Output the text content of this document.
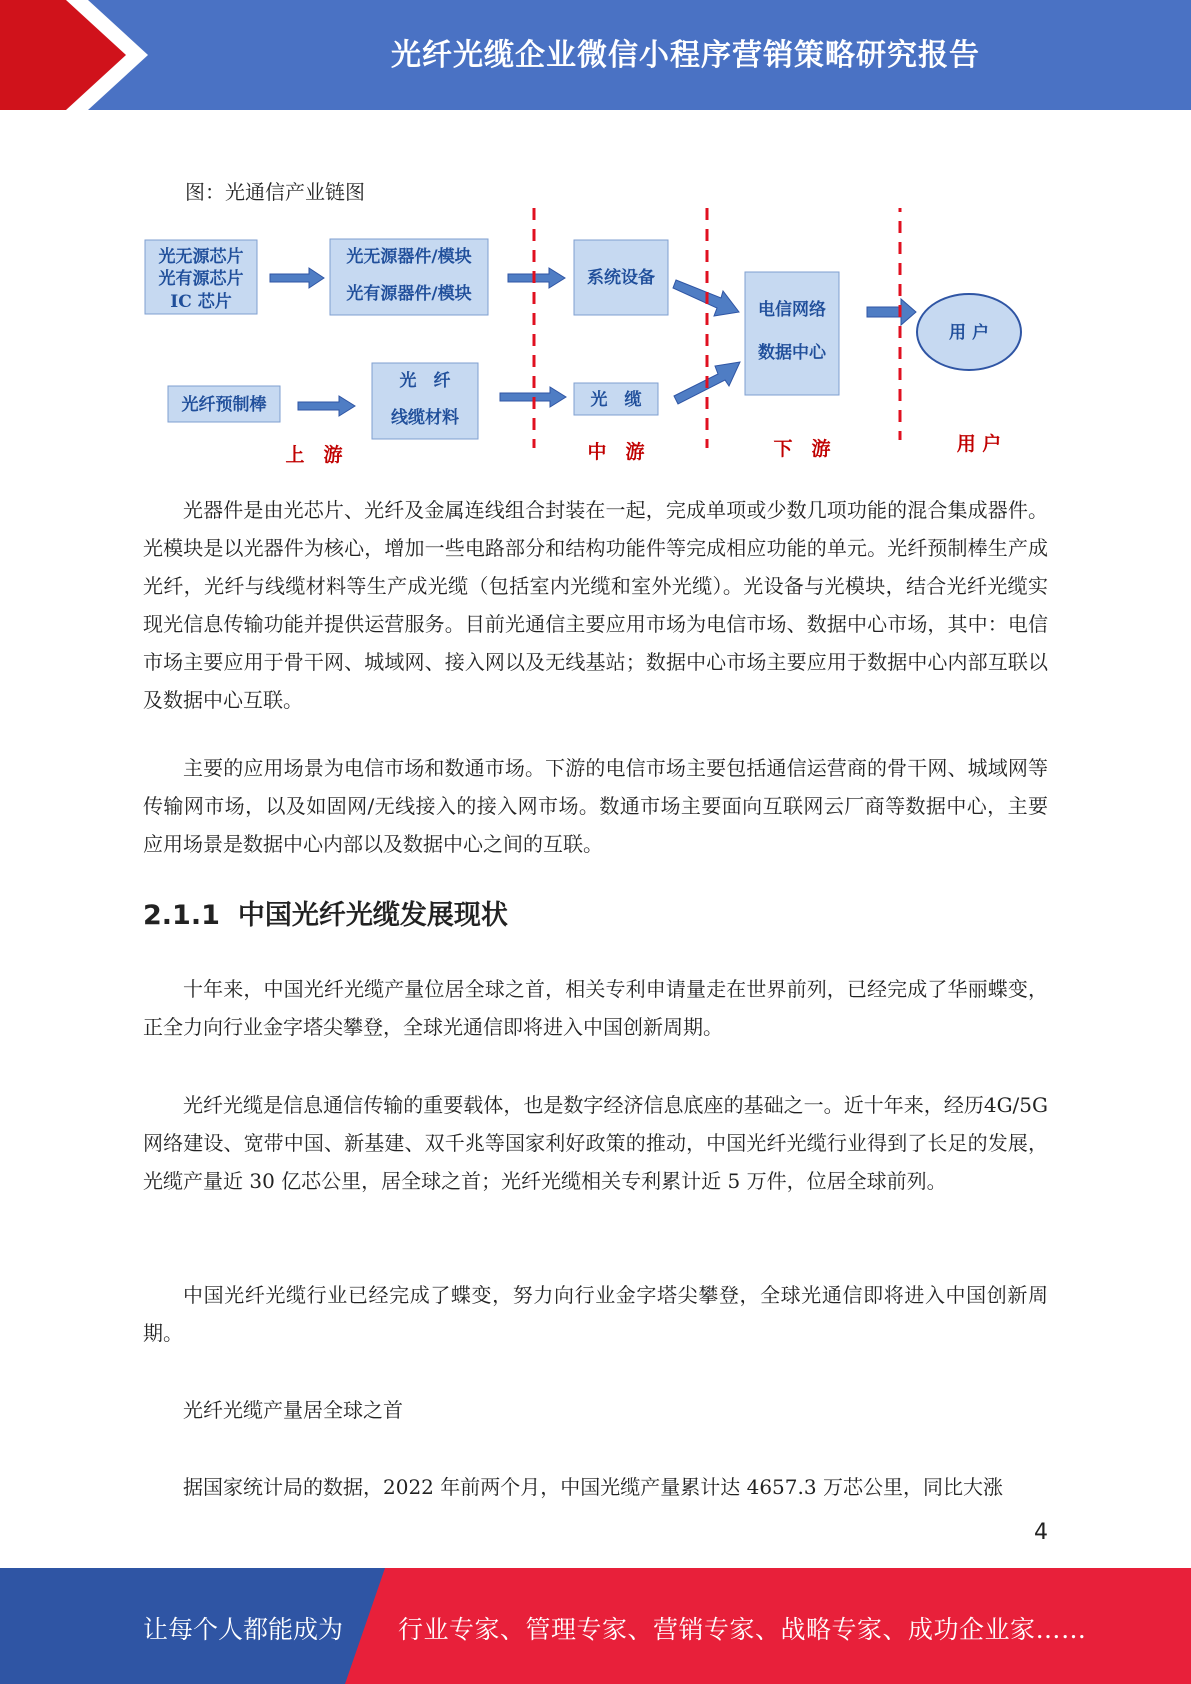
光纤光缆企业微信小程序营销策略研究报告
图：光通信产业链图
光无源芯片
光有源芯片
IC 芯片
光无源器件/模块
光有源器件/模块
系统设备
电信网络
数据中心
光纤预制棒
光　纤
线缆材料
光　缆
用 户
上　游	中　游	下　游	用 户

光器件是由光芯片、光纤及金属连线组合封装在一起，完成单项或少数几项功能的混合集成器件。光模块是以光器件为核心，增加一些电路部分和结构功能件等完成相应功能的单元。光纤预制棒生产成光纤，光纤与线缆材料等生产成光缆（包括室内光缆和室外光缆）。光设备与光模块，结合光纤光缆实现光信息传输功能并提供运营服务。目前光通信主要应用市场为电信市场、数据中心市场，其中：电信市场主要应用于骨干网、城域网、接入网以及无线基站；数据中心市场主要应用于数据中心内部互联以及数据中心互联。

主要的应用场景为电信市场和数通市场。下游的电信市场主要包括通信运营商的骨干网、城域网等传输网市场，以及如固网/无线接入的接入网市场。数通市场主要面向互联网云厂商等数据中心，主要应用场景是数据中心内部以及数据中心之间的互联。

2.1.1 中国光纤光缆发展现状

十年来，中国光纤光缆产量位居全球之首，相关专利申请量走在世界前列，已经完成了华丽蝶变，正全力向行业金字塔尖攀登，全球光通信即将进入中国创新周期。

光纤光缆是信息通信传输的重要载体，也是数字经济信息底座的基础之一。近十年来，经历4G/5G 网络建设、宽带中国、新基建、双千兆等国家利好政策的推动，中国光纤光缆行业得到了长足的发展，光缆产量近 30 亿芯公里，居全球之首；光纤光缆相关专利累计近 5 万件，位居全球前列。

中国光纤光缆行业已经完成了蝶变，努力向行业金字塔尖攀登，全球光通信即将进入中国创新周期。

光纤光缆产量居全球之首

据国家统计局的数据，2022 年前两个月，中国光缆产量累计达 4657.3 万芯公里，同比大涨

4
让每个人都能成为 行业专家、管理专家、营销专家、战略专家、成功企业家……
